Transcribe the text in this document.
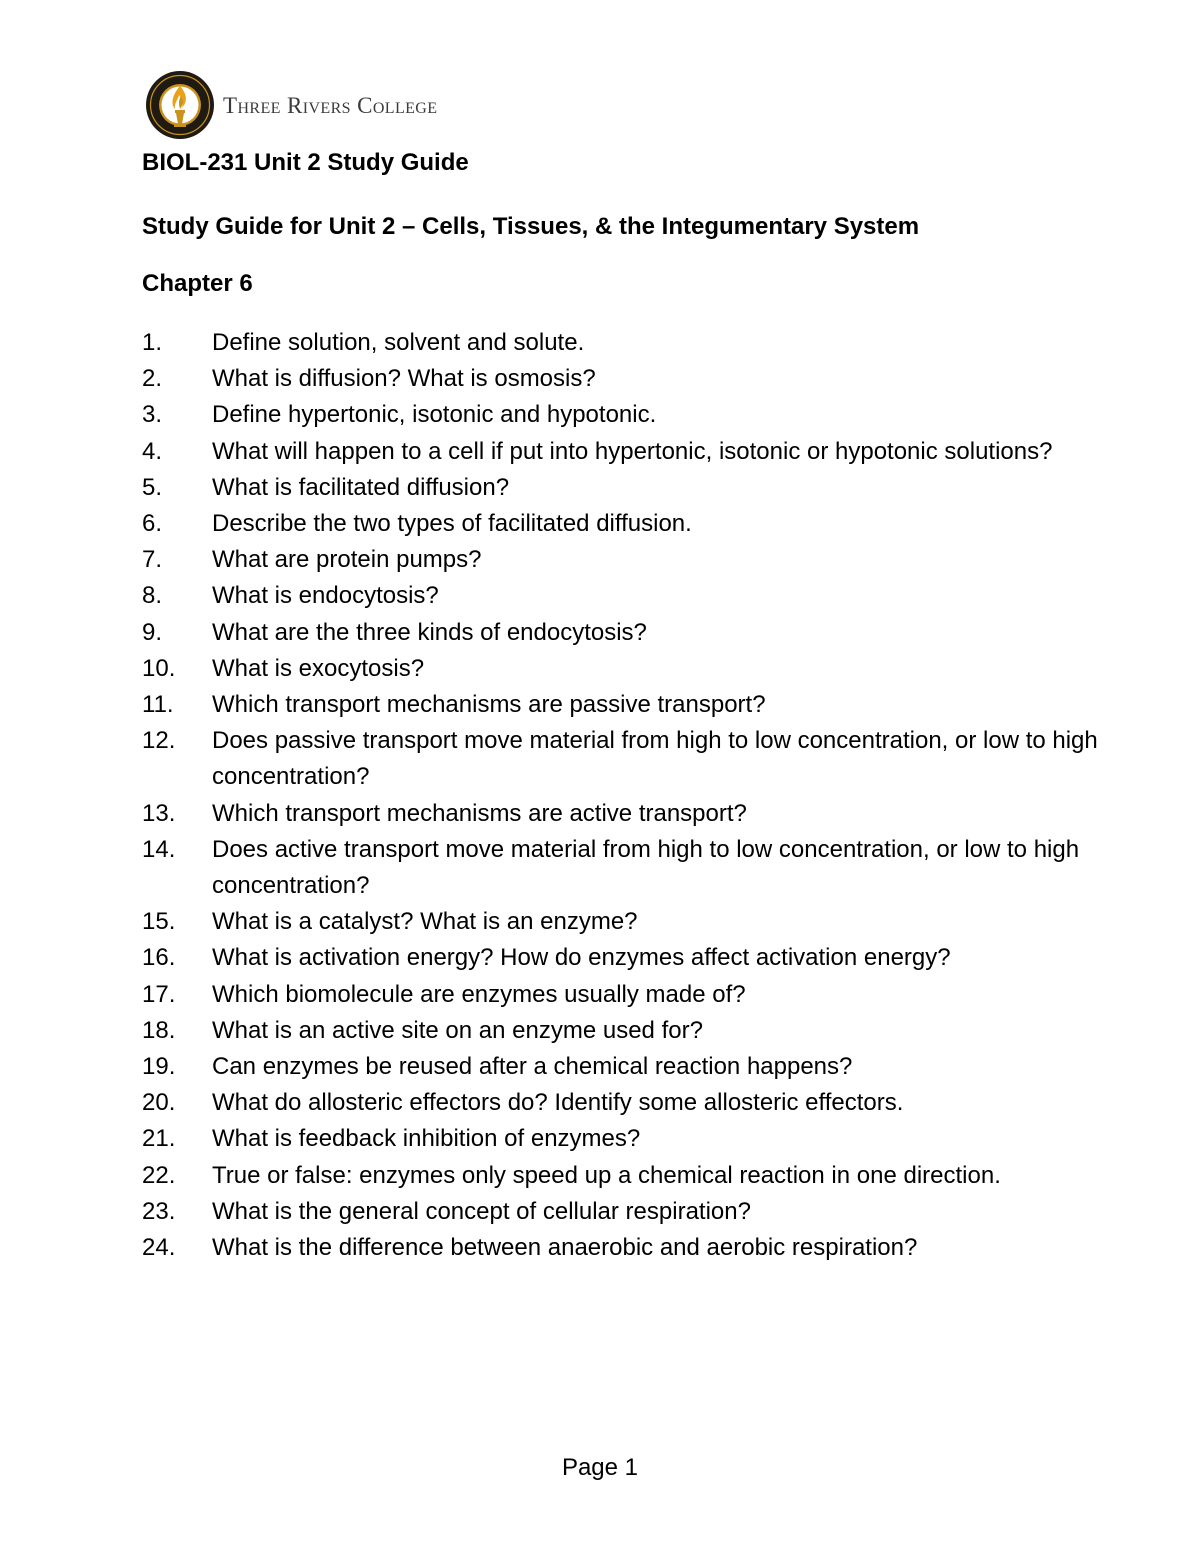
Three Rivers College
BIOL-231 Unit 2 Study Guide
Study Guide for Unit 2 – Cells, Tissues, & the Integumentary System
Chapter 6
1.	Define solution, solvent and solute.
2.	What is diffusion? What is osmosis?
3.	Define hypertonic, isotonic and hypotonic.
4.	What will happen to a cell if put into hypertonic, isotonic or hypotonic solutions?
5.	What is facilitated diffusion?
6.	Describe the two types of facilitated diffusion.
7.	What are protein pumps?
8.	What is endocytosis?
9.	What are the three kinds of endocytosis?
10.	What is exocytosis?
11.	Which transport mechanisms are passive transport?
12.	Does passive transport move material from high to low concentration, or low to high concentration?
13.	Which transport mechanisms are active transport?
14.	Does active transport move material from high to low concentration, or low to high concentration?
15.	What is a catalyst? What is an enzyme?
16.	What is activation energy? How do enzymes affect activation energy?
17.	Which biomolecule are enzymes usually made of?
18.	What is an active site on an enzyme used for?
19.	Can enzymes be reused after a chemical reaction happens?
20.	What do allosteric effectors do? Identify some allosteric effectors.
21.	What is feedback inhibition of enzymes?
22.	True or false: enzymes only speed up a chemical reaction in one direction.
23.	What is the general concept of cellular respiration?
24.	What is the difference between anaerobic and aerobic respiration?
Page 1
